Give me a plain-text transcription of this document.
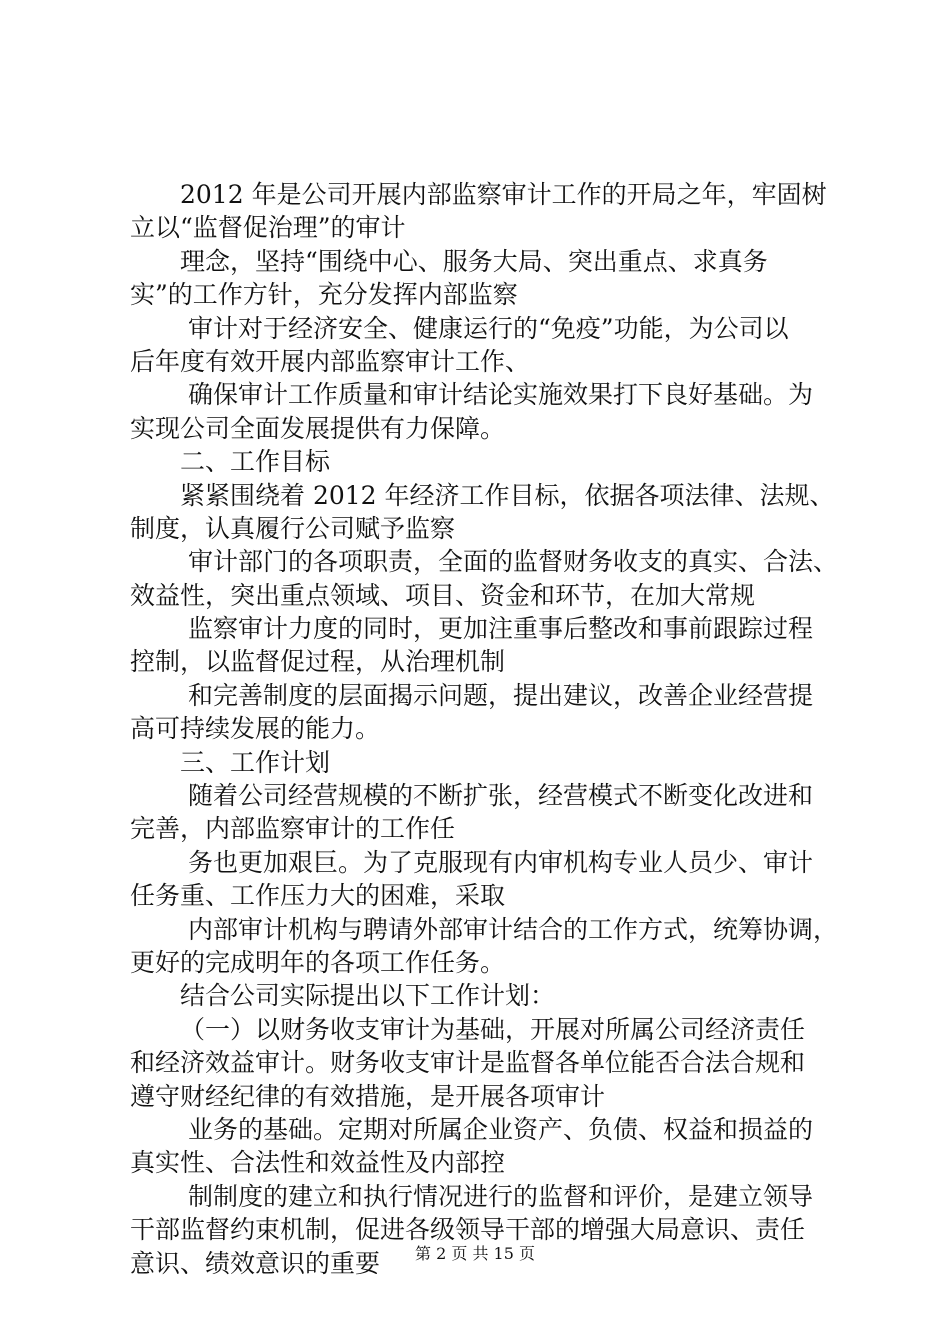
2012 年是公司开展内部监察审计工作的开局之年，牢固树
立以“监督促治理”的审计
理念，坚持“围绕中心、服务大局、突出重点、求真务
实”的工作方针，充分发挥内部监察
审计对于经济安全、健康运行的“免疫”功能，为公司以
后年度有效开展内部监察审计工作、
确保审计工作质量和审计结论实施效果打下良好基础。为
实现公司全面发展提供有力保障。
二、工作目标
紧紧围绕着 2012 年经济工作目标，依据各项法律、法规、
制度，认真履行公司赋予监察
审计部门的各项职责，全面的监督财务收支的真实、合法、
效益性，突出重点领域、项目、资金和环节，在加大常规
监察审计力度的同时，更加注重事后整改和事前跟踪过程
控制，以监督促过程，从治理机制
和完善制度的层面揭示问题，提出建议，改善企业经营提
高可持续发展的能力。
三、工作计划
随着公司经营规模的不断扩张，经营模式不断变化改进和
完善，内部监察审计的工作任
务也更加艰巨。为了克服现有内审机构专业人员少、审计
任务重、工作压力大的困难，采取
内部审计机构与聘请外部审计结合的工作方式，统筹协调，
更好的完成明年的各项工作任务。
结合公司实际提出以下工作计划：
（一）以财务收支审计为基础，开展对所属公司经济责任
和经济效益审计。财务收支审计是监督各单位能否合法合规和
遵守财经纪律的有效措施，是开展各项审计
业务的基础。定期对所属企业资产、负债、权益和损益的
真实性、合法性和效益性及内部控
制制度的建立和执行情况进行的监督和评价，是建立领导
干部监督约束机制，促进各级领导干部的增强大局意识、责任
意识、绩效意识的重要	第 2 页 共 15 页
